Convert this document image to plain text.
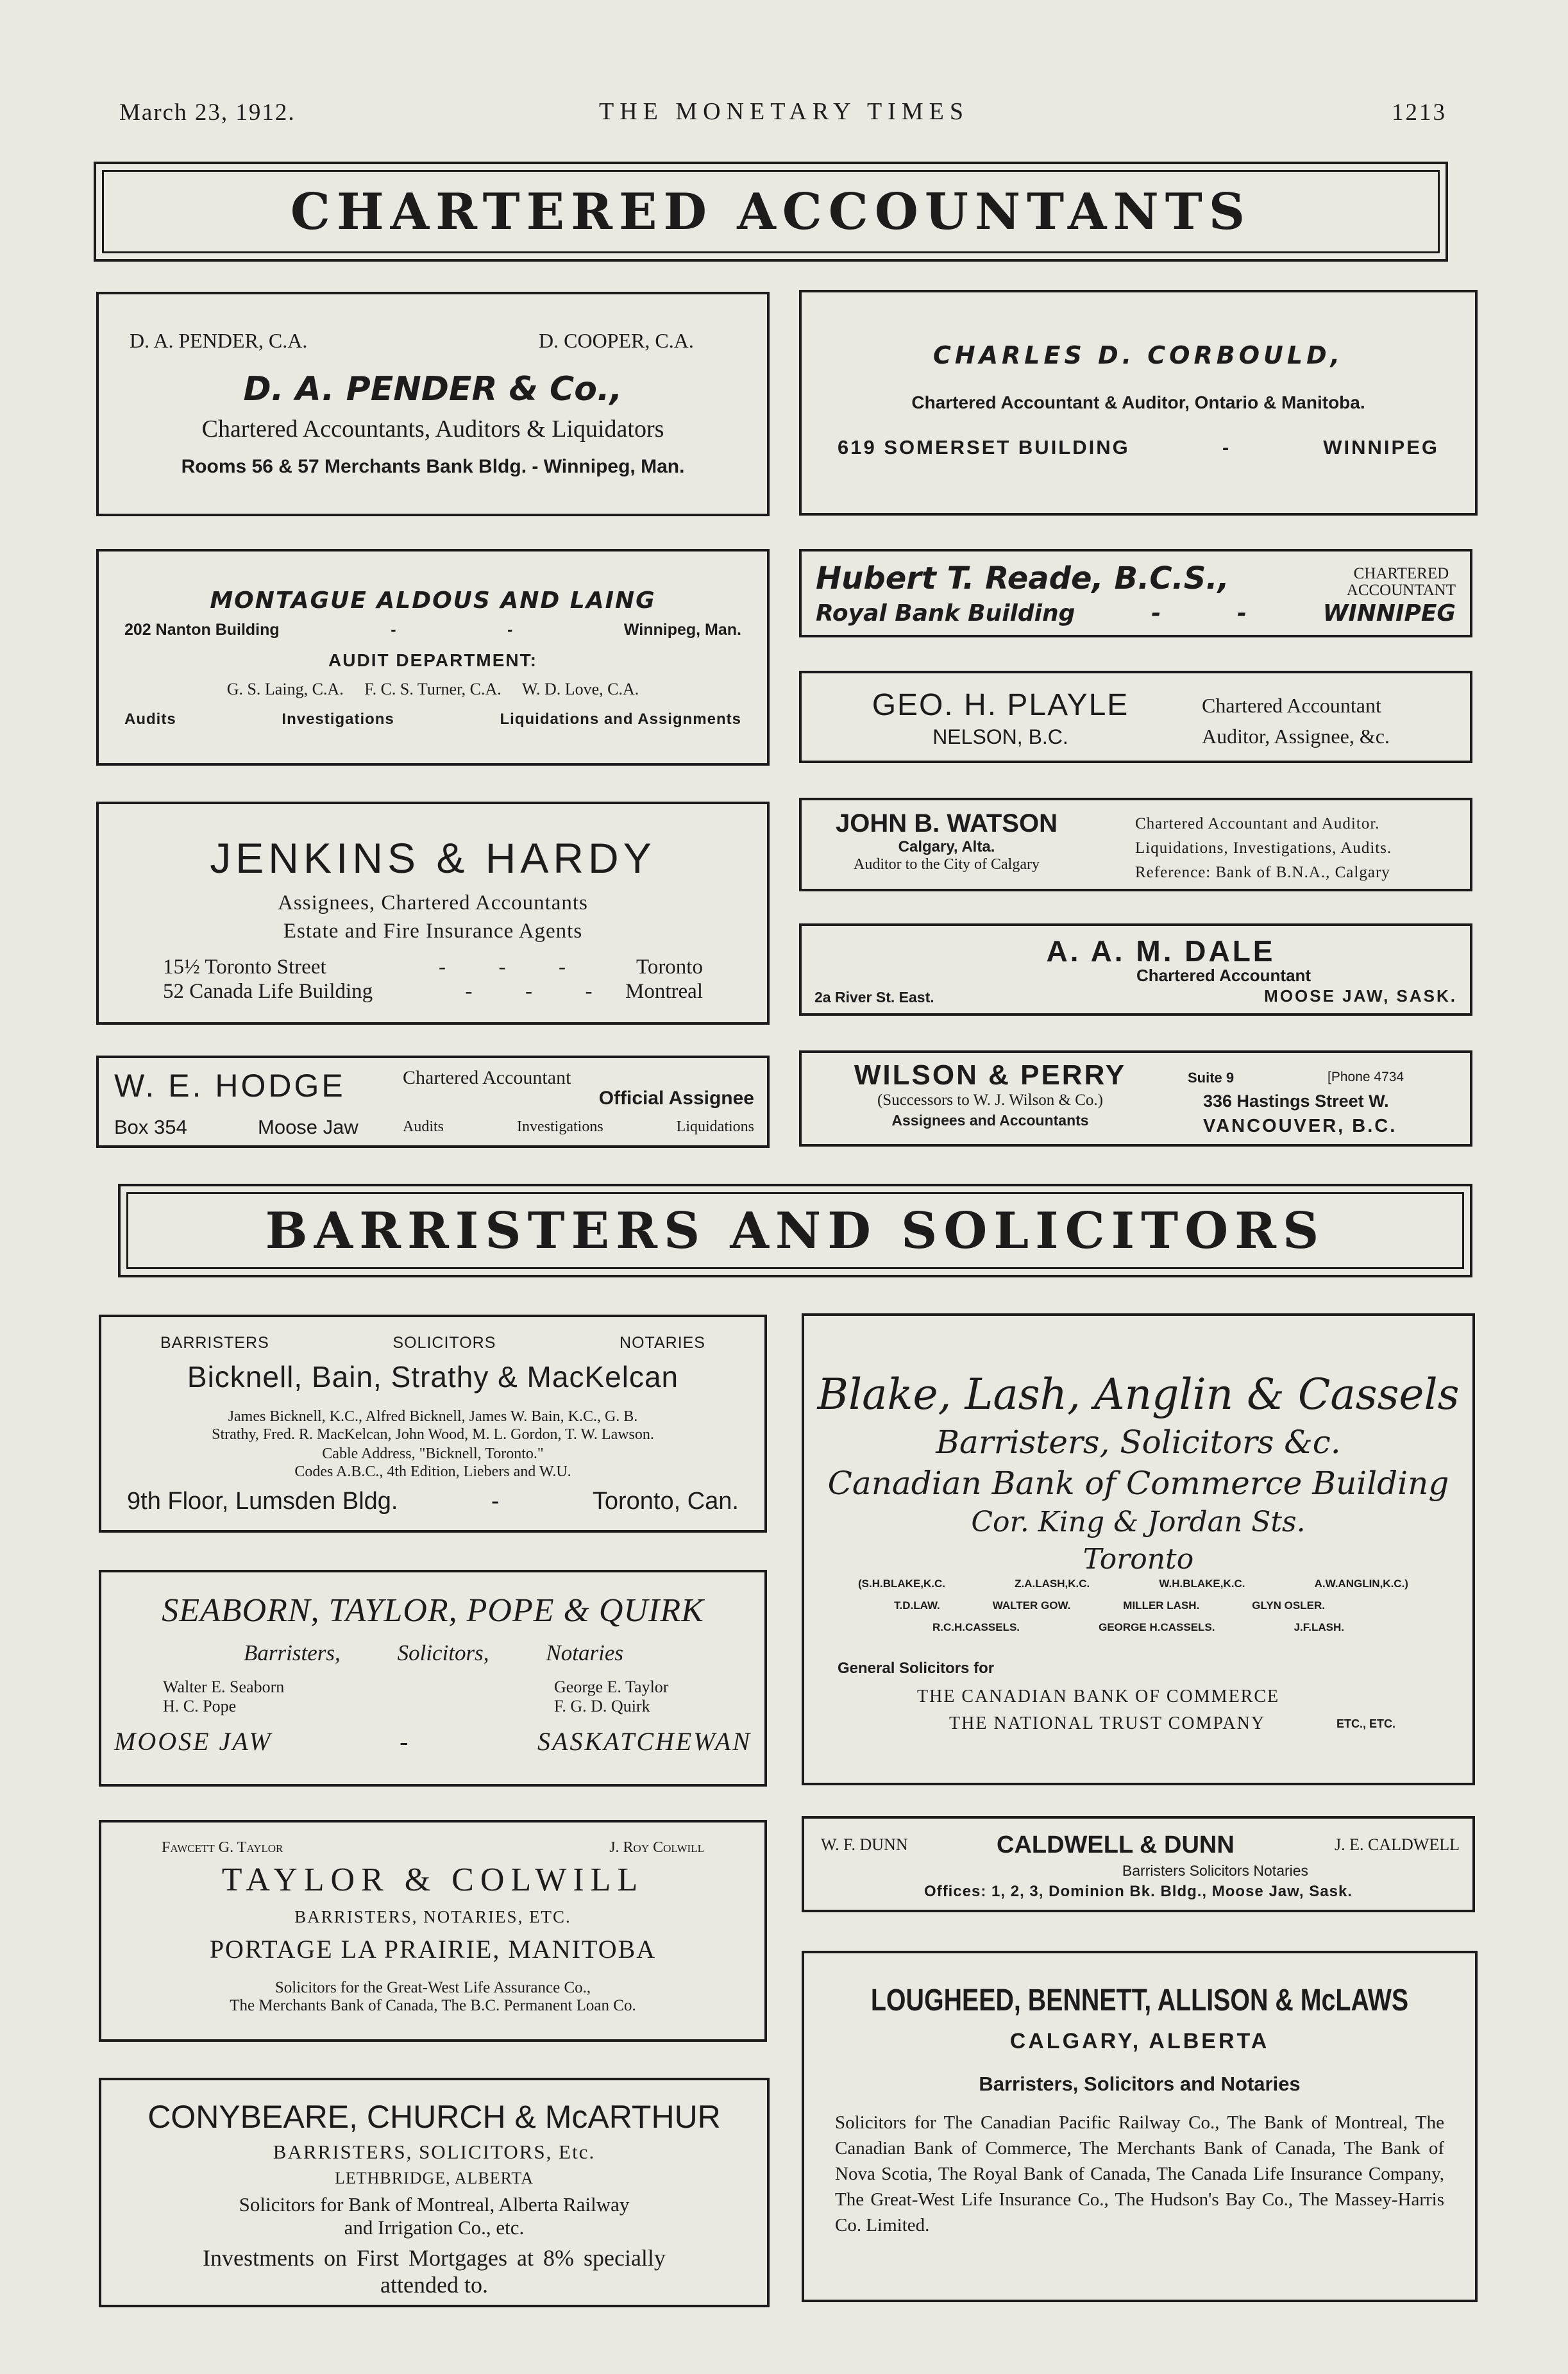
March 23, 1912.	THE MONETARY TIMES	1213
CHARTERED ACCOUNTANTS
D. A. PENDER, C.A.	D. COOPER, C.A.
D. A. PENDER & Co.,
Chartered Accountants, Auditors & Liquidators
Rooms 56 & 57 Merchants Bank Bldg. - Winnipeg, Man.
CHARLES D. CORBOULD,
Chartered Accountant & Auditor, Ontario & Manitoba.
619 SOMERSET BUILDING	-	WINNIPEG
MONTAGUE ALDOUS AND LAING
202 Nanton Building	-	-	Winnipeg, Man.
AUDIT DEPARTMENT:
G. S. Laing, C.A.     F. C. S. Turner, C.A.     W. D. Love, C.A.
Audits	Investigations	Liquidations and Assignments
Hubert T. Reade, B.C.S.,	CHARTERED
ACCOUNTANT
Royal Bank Building	-	-	WINNIPEG
GEO. H. PLAYLE
NELSON, B.C.
Chartered Accountant
Auditor, Assignee, &c.
JENKINS & HARDY
Assignees, Chartered Accountants
Estate and Fire Insurance Agents
15½ Toronto Street	-          -          -	Toronto
52 Canada Life Building	-          -          - Montreal
JOHN B. WATSON
Calgary, Alta.
Auditor to the City of Calgary
Chartered Accountant and Auditor.
Liquidations, Investigations, Audits.
Reference: Bank of B.N.A., Calgary
A. A. M. DALE
Chartered Accountant
2a River St. East.	MOOSE JAW, SASK.
W. E. HODGE	Chartered Accountant
Official Assignee
Box 354	Moose Jaw	Audits	Investigations	Liquidations
WILSON & PERRY
(Successors to W. J. Wilson & Co.)
Assignees and Accountants
Suite 9	[Phone 4734
336 Hastings Street W.
VANCOUVER, B.C.
BARRISTERS AND SOLICITORS
BARRISTERS	SOLICITORS	NOTARIES
Bicknell, Bain, Strathy & MacKelcan
James Bicknell, K.C., Alfred Bicknell, James W. Bain, K.C., G. B.
Strathy, Fred. R. MacKelcan, John Wood, M. L. Gordon, T. W. Lawson.
Cable Address, "Bicknell, Toronto."
Codes A.B.C., 4th Edition, Liebers and W.U.
9th Floor, Lumsden Bldg.	-	Toronto, Can.
Blake, Lash, Anglin & Cassels
Barristers, Solicitors &c.
Canadian Bank of Commerce Building
Cor. King & Jordan Sts.
Toronto
(S.H.BLAKE,K.C.	Z.A.LASH,K.C.	W.H.BLAKE,K.C.	A.W.ANGLIN,K.C.)
T.D.LAW.	WALTER GOW.	MILLER LASH.	GLYN OSLER.
R.C.H.CASSELS.	GEORGE H.CASSELS.	J.F.LASH.
General Solicitors for
THE CANADIAN BANK OF COMMERCE
THE NATIONAL TRUST COMPANY	ETC., ETC.
SEABORN, TAYLOR, POPE & QUIRK
Barristers,	Solicitors,	Notaries
Walter E. Seaborn
H. C. Pope
George E. Taylor
F. G. D. Quirk
MOOSE JAW	-	SASKATCHEWAN
W. F. DUNN	CALDWELL & DUNN	J. E. CALDWELL
Barristers Solicitors Notaries
Offices: 1, 2, 3, Dominion Bk. Bldg., Moose Jaw, Sask.
Fawcett G. Taylor	J. Roy Colwill
TAYLOR & COLWILL
BARRISTERS, NOTARIES, ETC.
PORTAGE LA PRAIRIE, MANITOBA
Solicitors for the Great-West Life Assurance Co.,
The Merchants Bank of Canada, The B.C. Permanent Loan Co.	LOUGHEED, BENNETT, ALLISON & McLAWS
CALGARY, ALBERTA
Barristers, Solicitors and Notaries
Solicitors for The Canadian Pacific Railway Co., The Bank of Montreal, The Canadian Bank of Commerce, The Merchants Bank of Canada, The Bank of Nova Scotia, The Royal Bank of Canada, The Canada Life Insurance Company, The Great-West Life Insurance Co., The Hudson's Bay Co., The Massey-Harris Co. Limited.
CONYBEARE, CHURCH & McARTHUR
BARRISTERS, SOLICITORS, Etc.
LETHBRIDGE, ALBERTA
Solicitors for Bank of Montreal, Alberta Railway
and Irrigation Co., etc.
Investments on First Mortgages at 8% specially
attended to.
